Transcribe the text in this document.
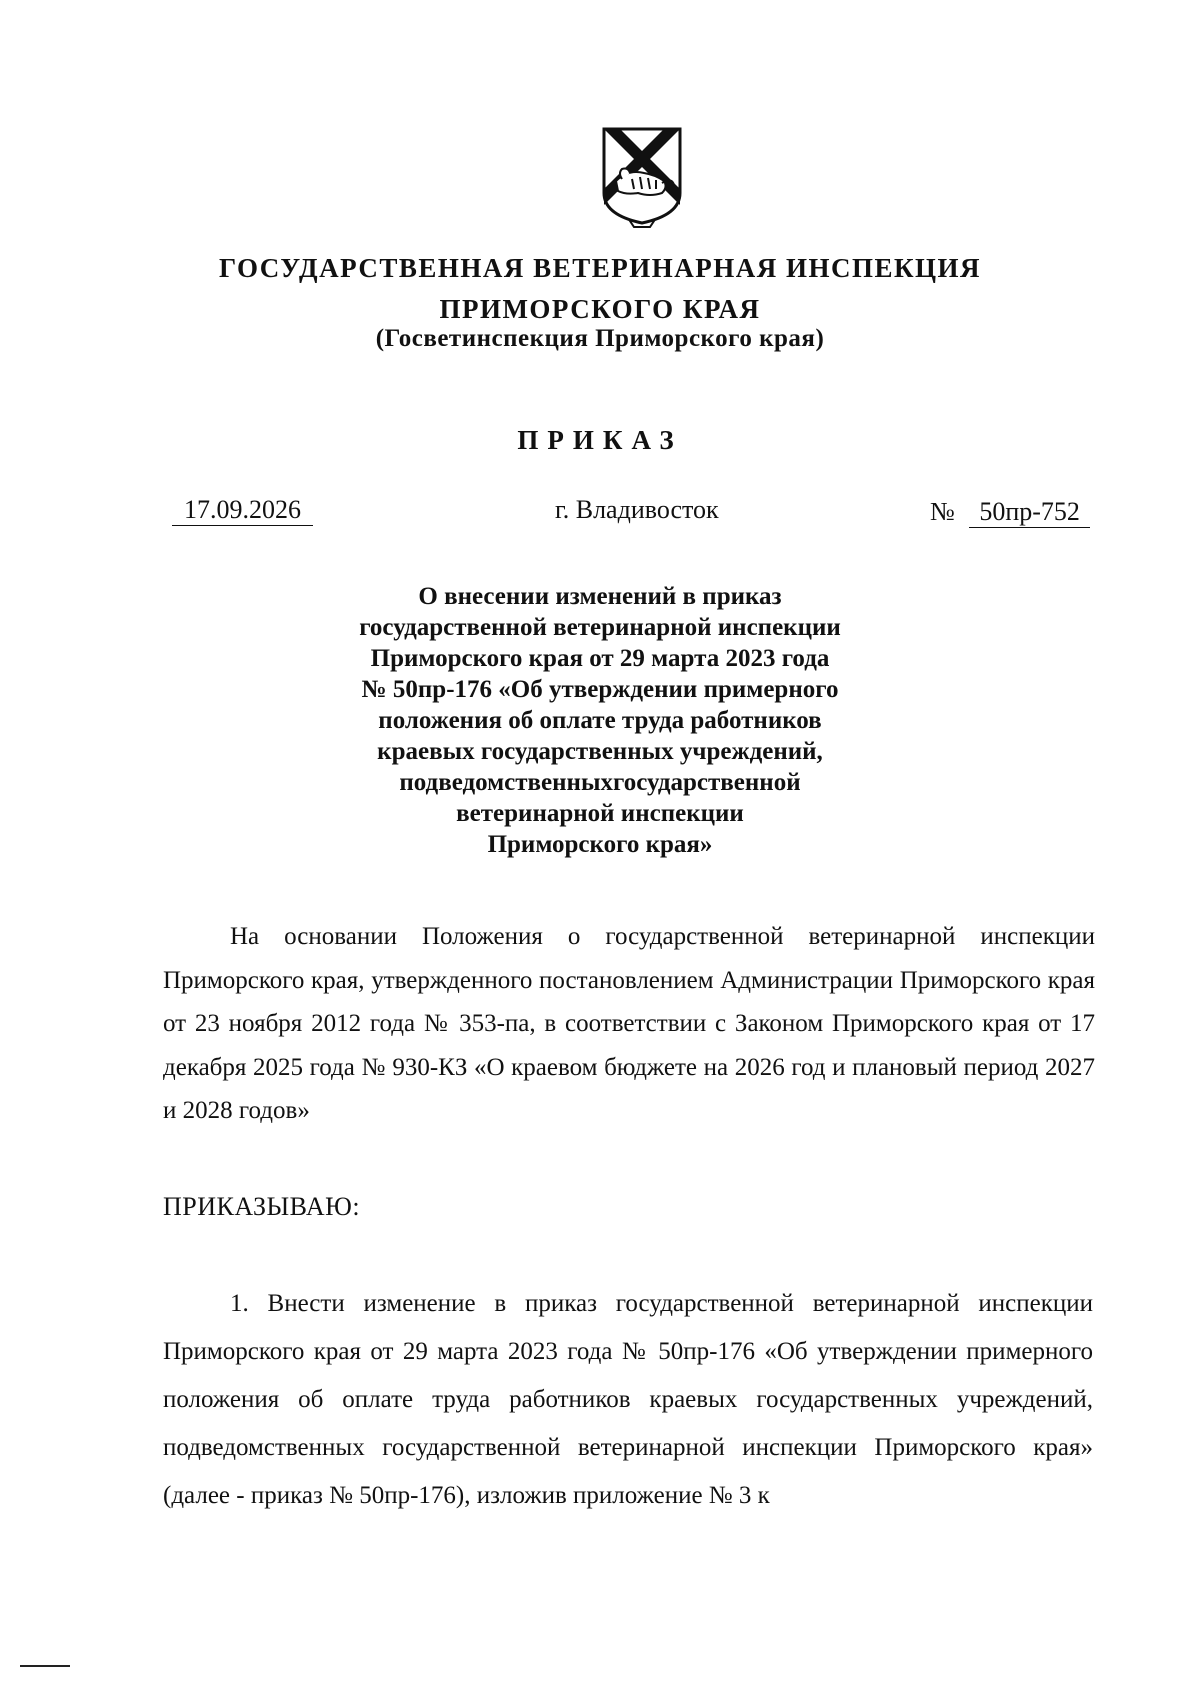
ГОСУДАРСТВЕННАЯ ВЕТЕРИНАРНАЯ ИНСПЕКЦИЯ
ПРИМОРСКОГО КРАЯ
(Госветинспекция Приморского края)
ПРИКАЗ
17.09.2026	г. Владивосток	№ 50пр-752
О внесении изменений в приказ
государственной ветеринарной инспекции
Приморского края от 29 марта 2023 года
№ 50пр-176 «Об утверждении примерного
положения об оплате труда работников
краевых государственных учреждений,
подведомственныхгосударственной
ветеринарной инспекции
Приморского края»
На основании Положения о государственной ветеринарной инспекции Приморского края, утвержденного постановлением Администрации Приморского края от 23 ноября 2012 года № 353-па, в соответствии с Законом Приморского края от 17 декабря 2025 года № 930-КЗ «О краевом бюджете на 2026 год и плановый период 2027 и 2028 годов»
ПРИКАЗЫВАЮ:
1. Внести изменение в приказ государственной ветеринарной инспекции Приморского края от 29 марта 2023 года № 50пр-176 «Об утверждении примерного положения об оплате труда работников краевых государственных учреждений, подведомственных государственной ветеринарной инспекции Приморского края» (далее - приказ № 50пр-176), изложив приложение № 3 к
